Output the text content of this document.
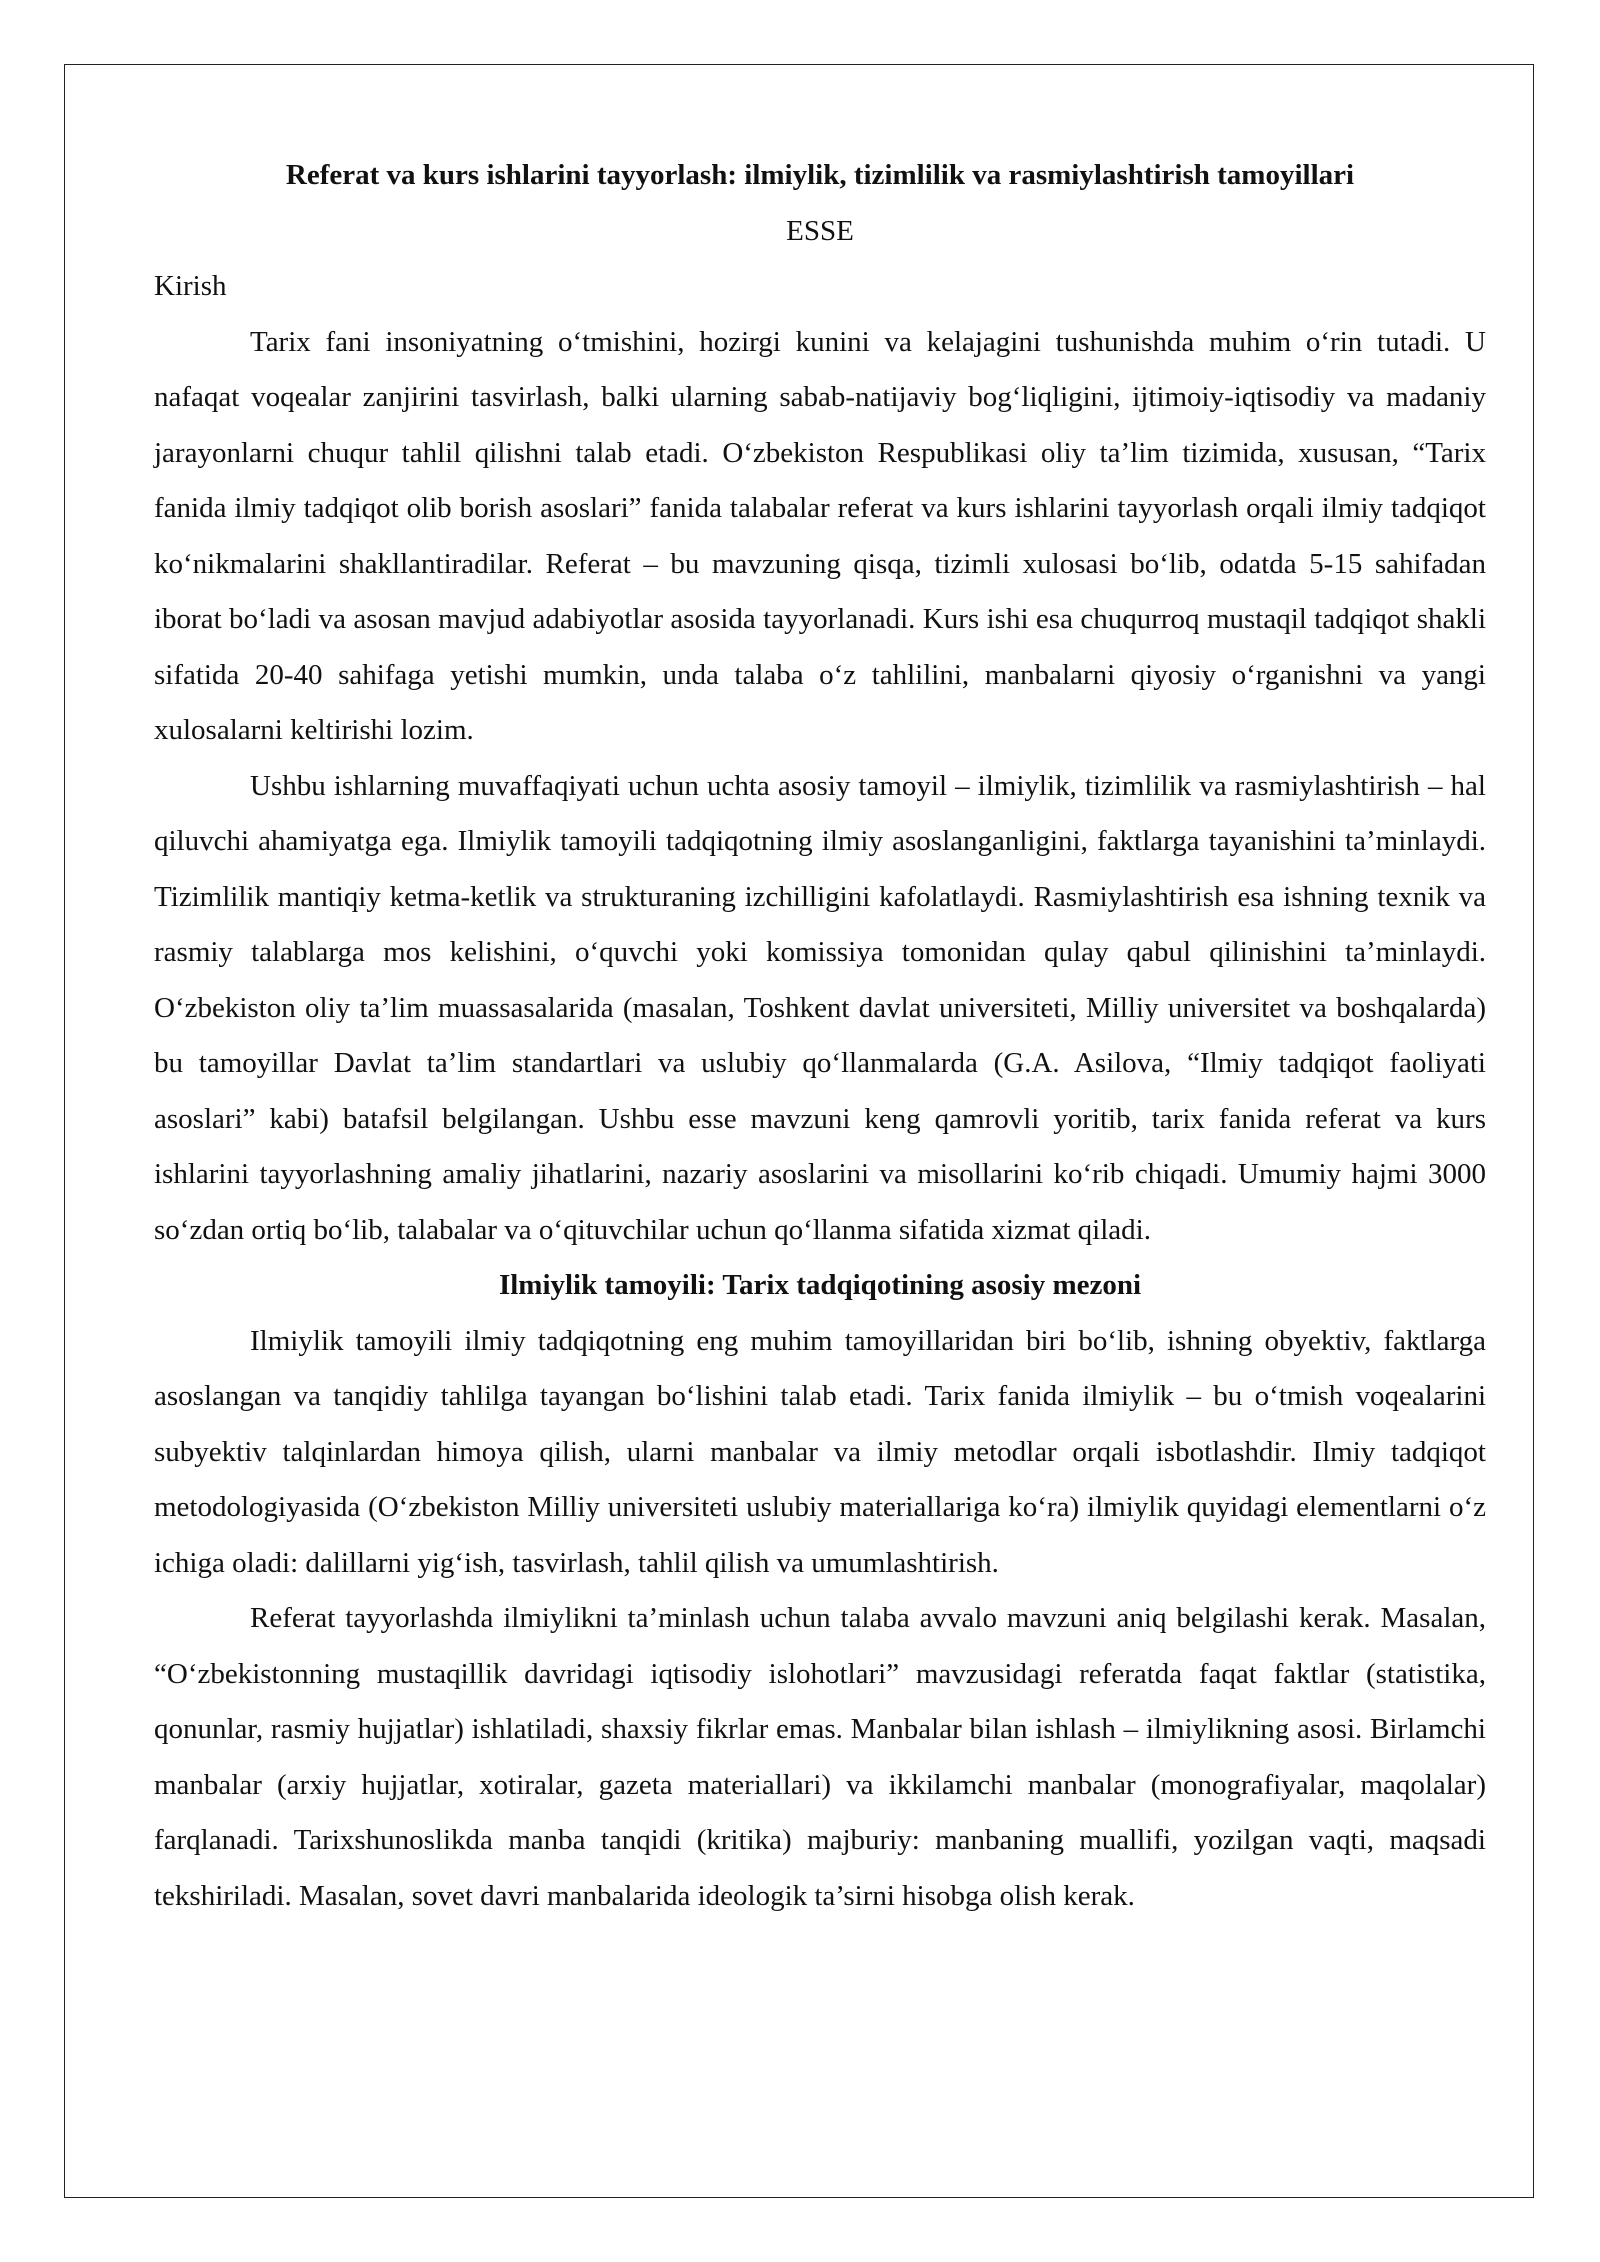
Referat va kurs ishlarini tayyorlash: ilmiylik, tizimlilik va rasmiylashtirish tamoyillari

ESSE

Kirish

Tarix fani insoniyatning o‘tmishini, hozirgi kunini va kelajagini tushunishda muhim o‘rin tutadi. U nafaqat voqealar zanjirini tasvirlash, balki ularning sabab-natijaviy bog‘liqligini, ijtimoiy-iqtisodiy va madaniy jarayonlarni chuqur tahlil qilishni talab etadi. O‘zbekiston Respublikasi oliy ta’lim tizimida, xususan, “Tarix fanida ilmiy tadqiqot olib borish asoslari” fanida talabalar referat va kurs ishlarini tayyorlash orqali ilmiy tadqiqot ko‘nikmalarini shakllantiradilar. Referat – bu mavzuning qisqa, tizimli xulosasi bo‘lib, odatda 5-15 sahifadan iborat bo‘ladi va asosan mavjud adabiyotlar asosida tayyorlanadi. Kurs ishi esa chuqurroq mustaqil tadqiqot shakli sifatida 20-40 sahifaga yetishi mumkin, unda talaba o‘z tahlilini, manbalarni qiyosiy o‘rganishni va yangi xulosalarni keltirishi lozim.

Ushbu ishlarning muvaffaqiyati uchun uchta asosiy tamoyil – ilmiylik, tizimlilik va rasmiylashtirish – hal qiluvchi ahamiyatga ega. Ilmiylik tamoyili tadqiqotning ilmiy asoslanganligini, faktlarga tayanishini ta’minlaydi. Tizimlilik mantiqiy ketma-ketlik va strukturaning izchilligini kafolatlaydi. Rasmiylashtirish esa ishning texnik va rasmiy talablarga mos kelishini, o‘quvchi yoki komissiya tomonidan qulay qabul qilinishini ta’minlaydi. O‘zbekiston oliy ta’lim muassasalarida (masalan, Toshkent davlat universiteti, Milliy universitet va boshqalarda) bu tamoyillar Davlat ta’lim standartlari va uslubiy qo‘llanmalarda (G.A. Asilova, “Ilmiy tadqiqot faoliyati asoslari” kabi) batafsil belgilangan. Ushbu esse mavzuni keng qamrovli yoritib, tarix fanida referat va kurs ishlarini tayyorlashning amaliy jihatlarini, nazariy asoslarini va misollarini ko‘rib chiqadi. Umumiy hajmi 3000 so‘zdan ortiq bo‘lib, talabalar va o‘qituvchilar uchun qo‘llanma sifatida xizmat qiladi.

Ilmiylik tamoyili: Tarix tadqiqotining asosiy mezoni

Ilmiylik tamoyili ilmiy tadqiqotning eng muhim tamoyillaridan biri bo‘lib, ishning obyektiv, faktlarga asoslangan va tanqidiy tahlilga tayangan bo‘lishini talab etadi. Tarix fanida ilmiylik – bu o‘tmish voqealarini subyektiv talqinlardan himoya qilish, ularni manbalar va ilmiy metodlar orqali isbotlashdir. Ilmiy tadqiqot metodologiyasida (O‘zbekiston Milliy universiteti uslubiy materiallariga ko‘ra) ilmiylik quyidagi elementlarni o‘z ichiga oladi: dalillarni yig‘ish, tasvirlash, tahlil qilish va umumlashtirish.

Referat tayyorlashda ilmiylikni ta’minlash uchun talaba avvalo mavzuni aniq belgilashi kerak. Masalan, “O‘zbekistonning mustaqillik davridagi iqtisodiy islohotlari” mavzusidagi referatda faqat faktlar (statistika, qonunlar, rasmiy hujjatlar) ishlatiladi, shaxsiy fikrlar emas. Manbalar bilan ishlash – ilmiylikning asosi. Birlamchi manbalar (arxiy hujjatlar, xotiralar, gazeta materiallari) va ikkilamchi manbalar (monografiyalar, maqolalar) farqlanadi. Tarixshunoslikda manba tanqidi (kritika) majburiy: manbaning muallifi, yozilgan vaqti, maqsadi tekshiriladi. Masalan, sovet davri manbalarida ideologik ta’sirni hisobga olish kerak.
